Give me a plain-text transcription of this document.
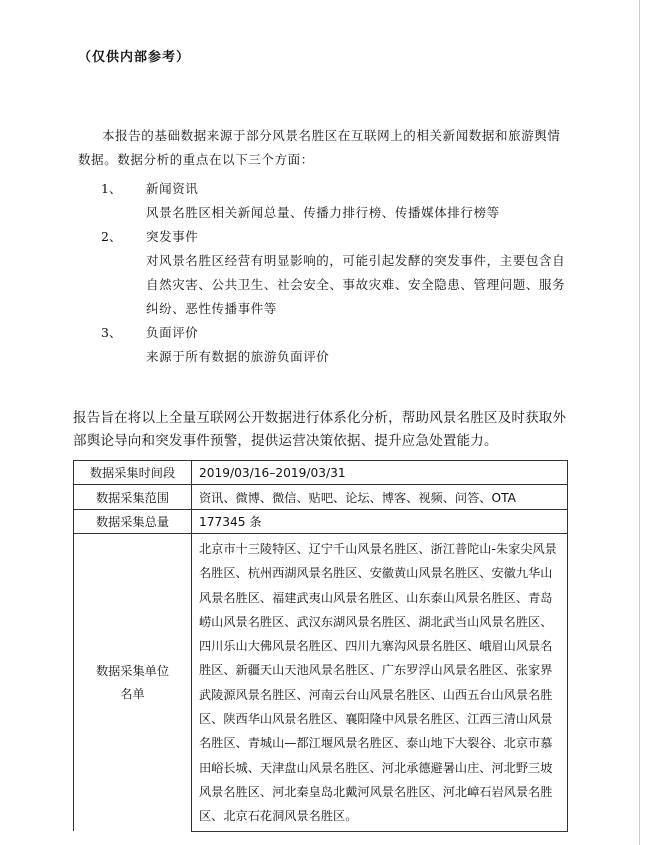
（仅供内部参考）
本报告的基础数据来源于部分风景名胜区在互联网上的相关新闻数据和旅游舆情
数据。数据分析的重点在以下三个方面：
1、 新闻资讯
风景名胜区相关新闻总量、传播力排行榜、传播媒体排行榜等
2、 突发事件
对风景名胜区经营有明显影响的，可能引起发酵的突发事件，主要包含自
自然灾害、公共卫生、社会安全、事故灾难、安全隐患、管理问题、服务
纠纷、恶性传播事件等
3、 负面评价
来源于所有数据的旅游负面评价
报告旨在将以上全量互联网公开数据进行体系化分析，帮助风景名胜区及时获取外部舆论导向和突发事件预警，提供运营决策依据、提升应急处置能力。
数据采集时间段	2019/03/16–2019/03/31
数据采集范围	资讯、微博、微信、贴吧、论坛、博客、视频、问答、OTA
数据采集总量	177345 条

数据采集单位
名单	北京市十三陵特区、辽宁千山风景名胜区、浙江普陀山-朱家尖风景名胜区、杭州西湖风景名胜区、安徽黄山风景名胜区、安徽九华山风景名胜区、福建武夷山风景名胜区、山东泰山风景名胜区、青岛崂山风景名胜区、武汉东湖风景名胜区、湖北武当山风景名胜区、四川乐山大佛风景名胜区、四川九寨沟风景名胜区、峨眉山风景名胜区、新疆天山天池风景名胜区、广东罗浮山风景名胜区、张家界武陵源风景名胜区、河南云台山风景名胜区、山西五台山风景名胜区、陕西华山风景名胜区、襄阳隆中风景名胜区、江西三清山风景名胜区、青城山—都江堰风景名胜区、泰山地下大裂谷、北京市慕田峪长城、天津盘山风景名胜区、河北承德避暑山庄、河北野三坡风景名胜区、河北秦皇岛北戴河风景名胜区、河北嶂石岩风景名胜区、北京石花洞风景名胜区。
